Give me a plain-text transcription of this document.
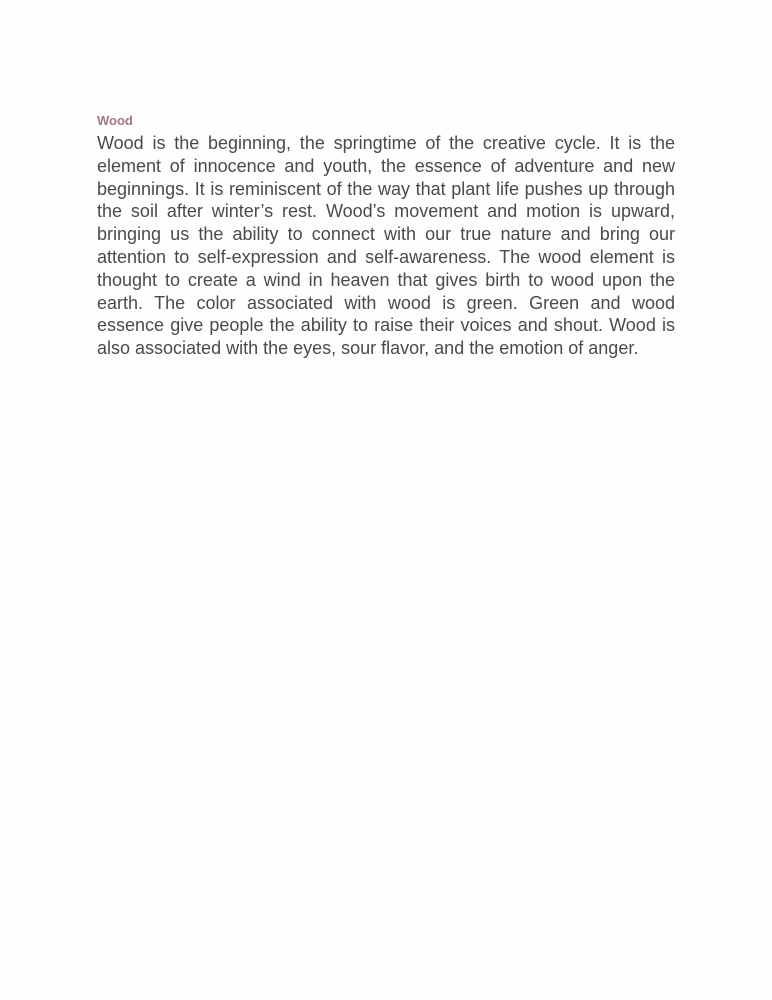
Wood

Wood is the beginning, the springtime of the creative cycle. It is the element of innocence and youth, the essence of adventure and new beginnings. It is reminiscent of the way that plant life pushes up through the soil after winter’s rest. Wood’s movement and motion is upward, bringing us the ability to connect with our true nature and bring our attention to self-expression and self-awareness. The wood element is thought to create a wind in heaven that gives birth to wood upon the earth. The color associated with wood is green. Green and wood essence give people the ability to raise their voices and shout. Wood is also associated with the eyes, sour flavor, and the emotion of anger.
